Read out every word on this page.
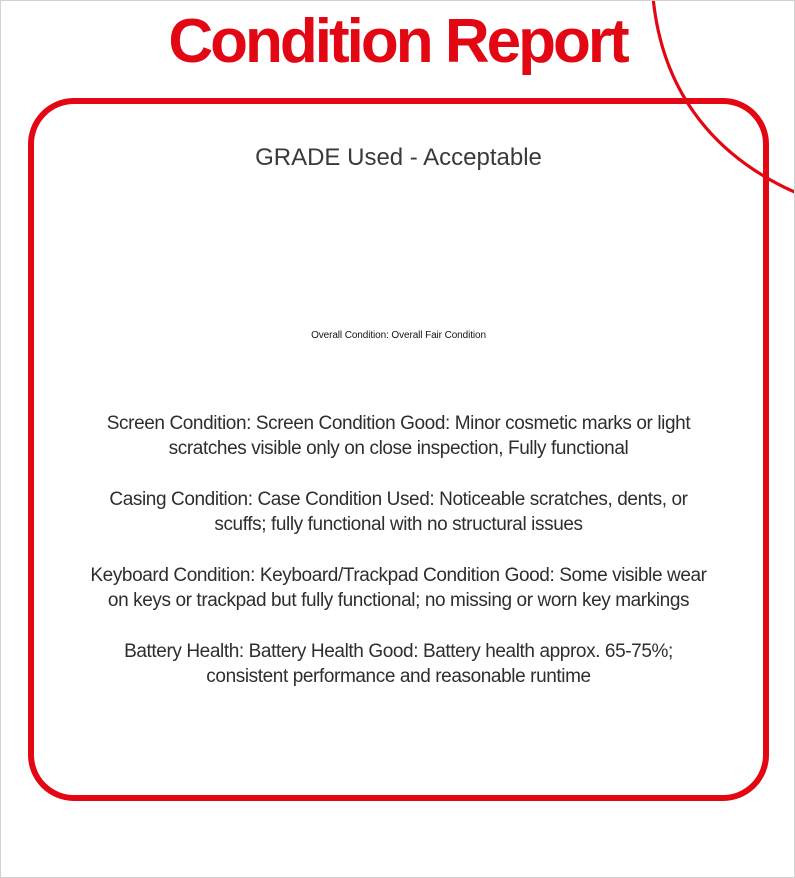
Condition Report
GRADE Used - Acceptable
Overall Condition: Overall Fair Condition
Screen Condition: Screen Condition Good: Minor cosmetic marks or light
scratches visible only on close inspection, Fully functional
Casing Condition: Case Condition Used: Noticeable scratches, dents, or
scuffs; fully functional with no structural issues
Keyboard Condition: Keyboard/Trackpad Condition Good: Some visible wear
on keys or trackpad but fully functional; no missing or worn key markings
Battery Health: Battery Health Good: Battery health approx. 65-75%;
consistent performance and reasonable runtime
